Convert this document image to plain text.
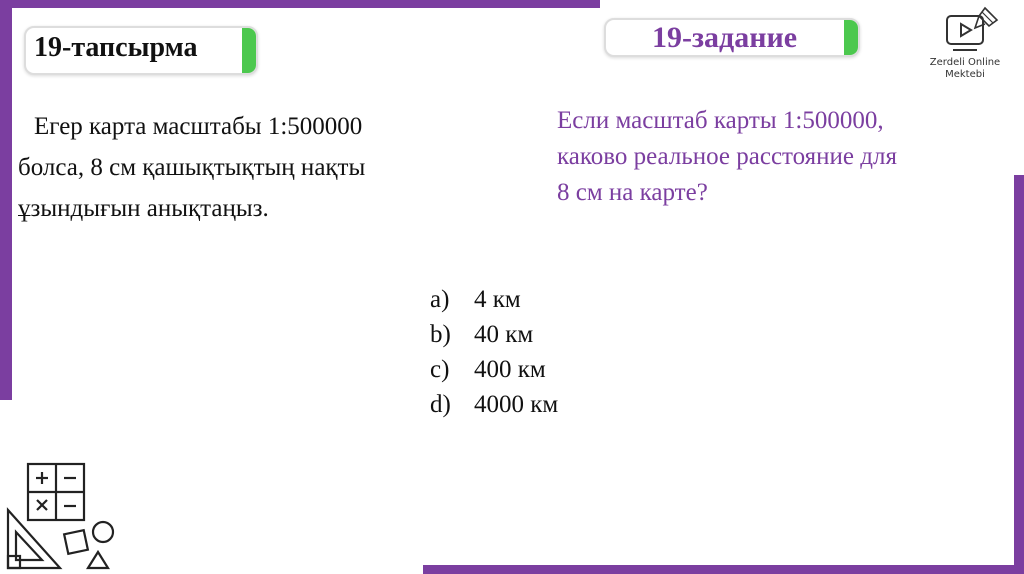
19-тапсырма	19-задание
Егер карта масштабы 1:500000
болса, 8 см қашықтықтың нақты
ұзындығын анықтаңыз.
Если масштаб карты 1:500000,
каково реальное расстояние для
8 см на карте?
a) 4 км
b) 40 км
c) 400 км
d) 4000 км
Zerdeli Online
Mektebi
